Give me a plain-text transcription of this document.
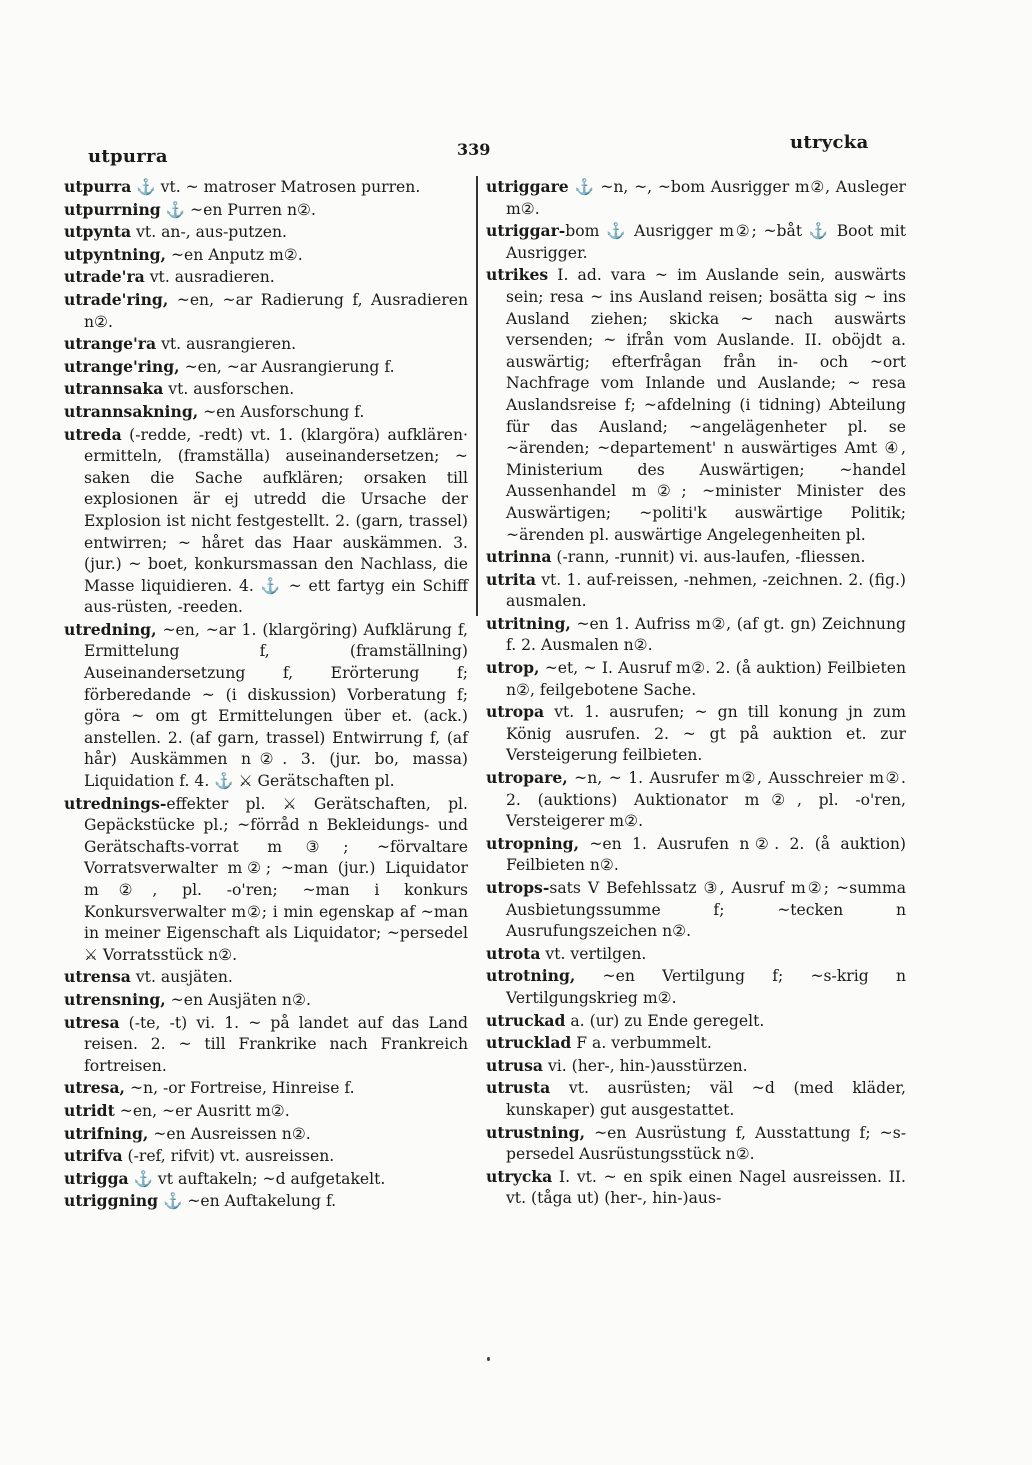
utpurra	339	utrycka
utpurra ⚓ vt. ~ matroser Matrosen purren.
utpurrning ⚓ ~en Purren n②.
utpynta vt. an-, aus-putzen.
utpyntning, ~en Anputz m②.
utrade'ra vt. ausradieren.
utrade'ring, ~en, ~ar Radierung f, Ausradieren n②.
utrange'ra vt. ausrangieren.
utrange'ring, ~en, ~ar Ausrangierung f.
utrannsaka vt. ausforschen.
utrannsakning, ~en Ausforschung f.
utreda (-redde, -redt) vt. 1. (klargöra) aufklären· ermitteln, (framställa) auseinandersetzen; ~ saken die Sache aufklären; orsaken till explosionen är ej utredd die Ursache der Explosion ist nicht festgestellt. 2. (garn, trassel) entwirren; ~ håret das Haar auskämmen. 3. (jur.) ~ boet, konkursmassan den Nachlass, die Masse liquidieren. 4. ⚓ ~ ett fartyg ein Schiff aus-rüsten, -reeden.
utredning, ~en, ~ar 1. (klargöring) Aufklärung f, Ermittelung f, (framställning) Auseinandersetzung f, Erörterung f; förberedande ~ (i diskussion) Vorberatung f; göra ~ om gt Ermittelungen über et. (ack.) anstellen. 2. (af garn, trassel) Entwirrung f, (af hår) Auskämmen n②. 3. (jur. bo, massa) Liquidation f. 4. ⚓ ⚔ Gerätschaften pl.
utrednings-effekter pl. ⚔ Gerätschaften, pl. Gepäckstücke pl.; ~förråd n Bekleidungs- und Gerätschafts-vorrat m③; ~förvaltare Vorratsverwalter m②; ~man (jur.) Liquidator m②, pl. -o'ren; ~man i konkurs Konkursverwalter m②; i min egenskap af ~man in meiner Eigenschaft als Liquidator; ~persedel ⚔ Vorratsstück n②.
utrensa vt. ausjäten.
utrensning, ~en Ausjäten n②.
utresa (-te, -t) vi. 1. ~ på landet auf das Land reisen. 2. ~ till Frankrike nach Frankreich fortreisen.
utresa, ~n, -or Fortreise, Hinreise f.
utridt ~en, ~er Ausritt m②.
utrifning, ~en Ausreissen n②.
utrifva (-ref, rifvit) vt. ausreissen.
utrigga ⚓ vt auftakeln; ~d aufgetakelt.
utriggning ⚓ ~en Auftakelung f.
utriggare ⚓ ~n, ~, ~bom Ausrigger m②, Ausleger m②.
utriggar-bom ⚓ Ausrigger m②; ~båt ⚓ Boot mit Ausrigger.
utrikes I. ad. vara ~ im Auslande sein, auswärts sein; resa ~ ins Ausland reisen; bosätta sig ~ ins Ausland ziehen; skicka ~ nach auswärts versenden; ~ ifrån vom Auslande. II. oböjdt a. auswärtig; efterfrågan från in- och ~ort Nachfrage vom Inlande und Auslande; ~ resa Auslandsreise f; ~afdelning (i tidning) Abteilung für das Ausland; ~angelägenheter pl. se ~ärenden; ~departement' n auswärtiges Amt ④, Ministerium des Auswärtigen; ~handel Aussenhandel m②; ~minister Minister des Auswärtigen; ~politi'k auswärtige Politik; ~ärenden pl. auswärtige Angelegenheiten pl.
utrinna (-rann, -runnit) vi. aus-laufen, -fliessen.
utrita vt. 1. auf-reissen, -nehmen, -zeichnen. 2. (fig.) ausmalen.
utritning, ~en 1. Aufriss m②, (af gt. gn) Zeichnung f. 2. Ausmalen n②.
utrop, ~et, ~ I. Ausruf m②. 2. (å auktion) Feilbieten n②, feilgebotene Sache.
utropa vt. 1. ausrufen; ~ gn till konung jn zum König ausrufen. 2. ~ gt på auktion et. zur Versteigerung feilbieten.
utropare, ~n, ~ 1. Ausrufer m②, Ausschreier m②. 2. (auktions) Auktionator m②, pl. -o'ren, Versteigerer m②.
utropning, ~en 1. Ausrufen n②. 2. (å auktion) Feilbieten n②.
utrops-sats V Befehlssatz ③, Ausruf m②; ~summa Ausbietungssumme f; ~tecken n Ausrufungszeichen n②.
utrota vt. vertilgen.
utrotning, ~en Vertilgung f; ~s-krig n Vertilgungskrieg m②.
utruckad a. (ur) zu Ende geregelt.
utrucklad F a. verbummelt.
utrusa vi. (her-, hin-)ausstürzen.
utrusta vt. ausrüsten; väl ~d (med kläder, kunskaper) gut ausgestattet.
utrustning, ~en Ausrüstung f, Ausstattung f; ~s-persedel Ausrüstungsstück n②.
utrycka I. vt. ~ en spik einen Nagel ausreissen. II. vt. (tåga ut) (her-, hin-)aus-
